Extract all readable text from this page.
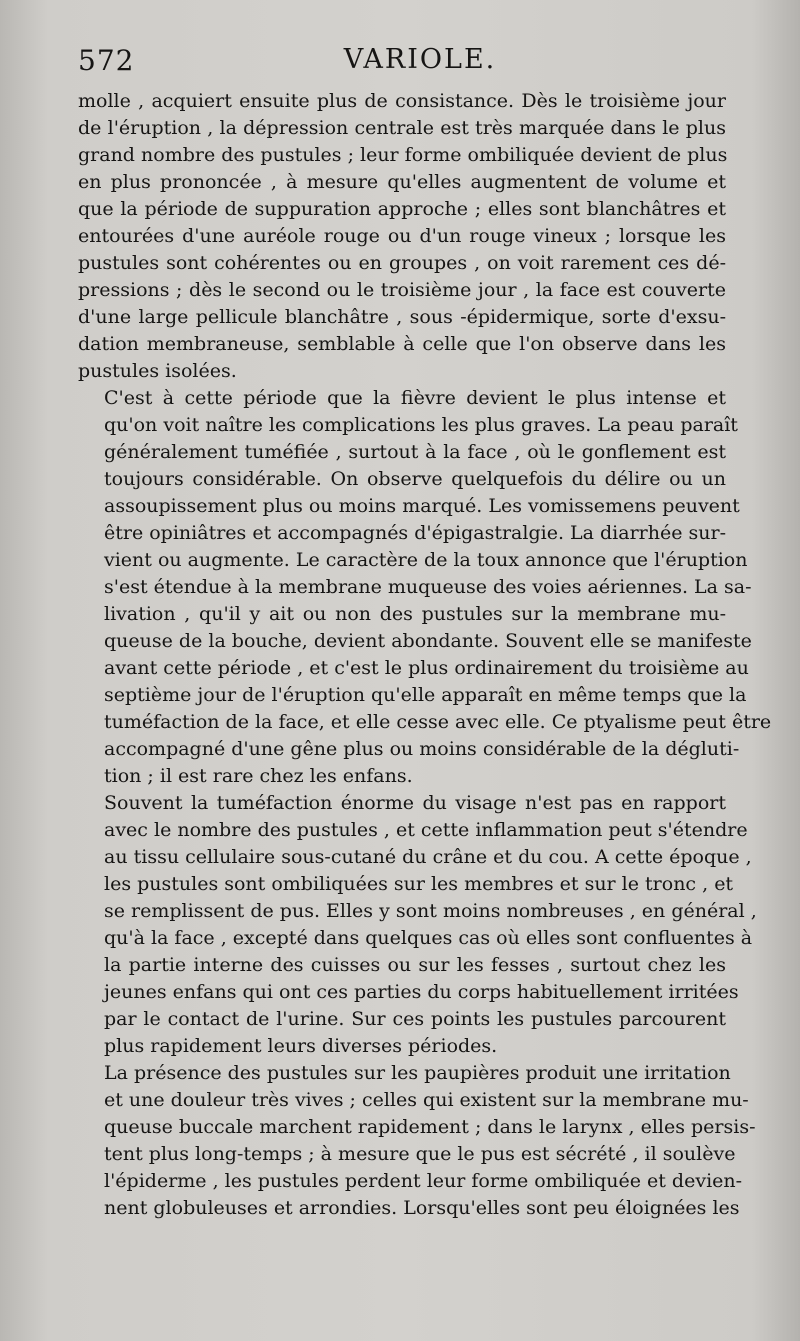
572	VARIOLE.
molle , acquiert ensuite plus de consistance. Dès le troisième jour
de l'éruption , la dépression centrale est très marquée dans le plus
grand nombre des pustules ; leur forme ombiliquée devient de plus
en plus prononcée , à mesure qu'elles augmentent de volume et
que la période de suppuration approche ; elles sont blanchâtres et
entourées d'une auréole rouge ou d'un rouge vineux ; lorsque les
pustules sont cohérentes ou en groupes , on voit rarement ces dé-
pressions ; dès le second ou le troisième jour , la face est couverte
d'une large pellicule blanchâtre , sous -épidermique, sorte d'exsu-
dation membraneuse, semblable à celle que l'on observe dans les
pustules isolées.
C'est à cette période que la fièvre devient le plus intense et
qu'on voit naître les complications les plus graves. La peau paraît
généralement tuméfiée , surtout à la face , où le gonflement est
toujours considérable. On observe quelquefois du délire ou un
assoupissement plus ou moins marqué. Les vomissemens peuvent
être opiniâtres et accompagnés d'épigastralgie. La diarrhée sur-
vient ou augmente. Le caractère de la toux annonce que l'éruption
s'est étendue à la membrane muqueuse des voies aériennes. La sa-
livation , qu'il y ait ou non des pustules sur la membrane mu-
queuse de la bouche, devient abondante. Souvent elle se manifeste
avant cette période , et c'est le plus ordinairement du troisième au
septième jour de l'éruption qu'elle apparaît en même temps que la
tuméfaction de la face, et elle cesse avec elle. Ce ptyalisme peut être
accompagné d'une gêne plus ou moins considérable de la dégluti-
tion ; il est rare chez les enfans.
Souvent la tuméfaction énorme du visage n'est pas en rapport
avec le nombre des pustules , et cette inflammation peut s'étendre
au tissu cellulaire sous-cutané du crâne et du cou. A cette époque ,
les pustules sont ombiliquées sur les membres et sur le tronc , et
se remplissent de pus. Elles y sont moins nombreuses , en général ,
qu'à la face , excepté dans quelques cas où elles sont confluentes à
la partie interne des cuisses ou sur les fesses , surtout chez les
jeunes enfans qui ont ces parties du corps habituellement irritées
par le contact de l'urine. Sur ces points les pustules parcourent
plus rapidement leurs diverses périodes.
La présence des pustules sur les paupières produit une irritation
et une douleur très vives ; celles qui existent sur la membrane mu-
queuse buccale marchent rapidement ; dans le larynx , elles persis-
tent plus long-temps ; à mesure que le pus est sécrété , il soulève
l'épiderme , les pustules perdent leur forme ombiliquée et devien-
nent globuleuses et arrondies. Lorsqu'elles sont peu éloignées les
